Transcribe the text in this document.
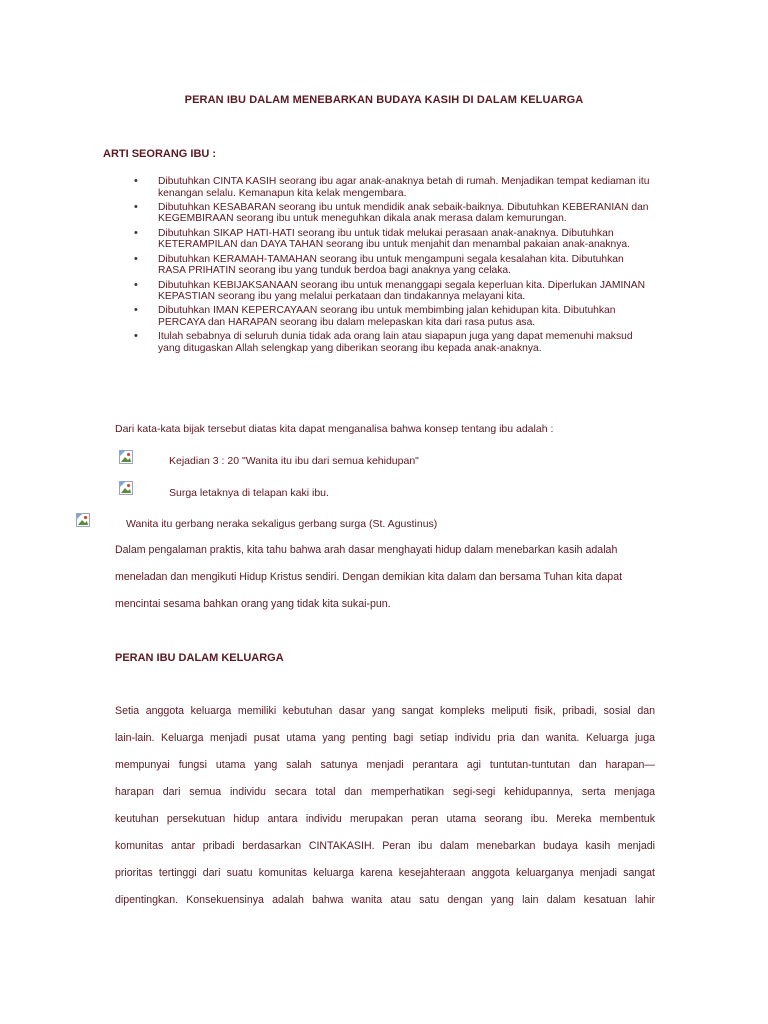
PERAN IBU DALAM MENEBARKAN BUDAYA KASIH DI DALAM KELUARGA
ARTI SEORANG IBU :
• Dibutuhkan CINTA KASIH seorang ibu agar anak-anaknya betah di rumah. Menjadikan tempat kediaman itu kenangan selalu. Kemanapun kita kelak mengembara.
• Dibutuhkan KESABARAN seorang ibu untuk mendidik anak sebaik-baiknya. Dibutuhkan KEBERANIAN dan KEGEMBIRAAN seorang ibu untuk meneguhkan dikala anak merasa dalam kemurungan.
• Dibutuhkan SIKAP HATI-HATI seorang ibu untuk tidak melukai perasaan anak-anaknya. Dibutuhkan KETERAMPILAN dan DAYA TAHAN seorang ibu untuk menjahit dan menambal pakaian anak-anaknya.
• Dibutuhkan KERAMAH-TAMAHAN seorang ibu untuk mengampuni segala kesalahan kita. Dibutuhkan RASA PRIHATIN seorang ibu yang tunduk berdoa bagi anaknya yang celaka.
• Dibutuhkan KEBIJAKSANAAN seorang ibu untuk menanggapi segala keperluan kita. Diperlukan JAMINAN KEPASTIAN seorang ibu yang melalui perkataan dan tindakannya melayani kita.
• Dibutuhkan IMAN KEPERCAYAAN seorang ibu untuk membimbing jalan kehidupan kita. Dibutuhkan PERCAYA dan HARAPAN seorang ibu dalam melepaskan kita dari rasa putus asa.
• Itulah sebabnya di seluruh dunia tidak ada orang lain atau siapapun juga yang dapat memenuhi maksud yang ditugaskan Allah selengkap yang diberikan seorang ibu kepada anak-anaknya.
Dari kata-kata bijak tersebut diatas kita dapat menganalisa bahwa konsep tentang ibu adalah :
Kejadian 3 : 20 "Wanita itu ibu dari semua kehidupan"
Surga letaknya di telapan kaki ibu.
Wanita itu gerbang neraka sekaligus gerbang surga (St. Agustinus)
Dalam pengalaman praktis, kita tahu bahwa arah dasar menghayati hidup dalam menebarkan kasih adalah
meneladan dan mengikuti Hidup Kristus sendiri. Dengan demikian kita dalam dan bersama Tuhan kita dapat
mencintai sesama bahkan orang yang tidak kita sukai-pun.
PERAN IBU DALAM KELUARGA
Setia anggota keluarga memiliki kebutuhan dasar yang sangat kompleks meliputi fisik, pribadi, sosial dan
lain-lain. Keluarga menjadi pusat utama yang penting bagi setiap individu pria dan wanita. Keluarga juga
mempunyai fungsi utama yang salah satunya menjadi perantara agi tuntutan-tuntutan dan harapan—
harapan dari semua individu secara total dan memperhatikan segi-segi kehidupannya, serta menjaga
keutuhan persekutuan hidup antara individu merupakan peran utama seorang ibu. Mereka membentuk
komunitas antar pribadi berdasarkan CINTAKASIH. Peran ibu dalam menebarkan budaya kasih menjadi
prioritas tertinggi dari suatu komunitas keluarga karena kesejahteraan anggota keluarganya menjadi sangat
dipentingkan. Konsekuensinya adalah bahwa wanita atau satu dengan yang lain dalam kesatuan lahir
